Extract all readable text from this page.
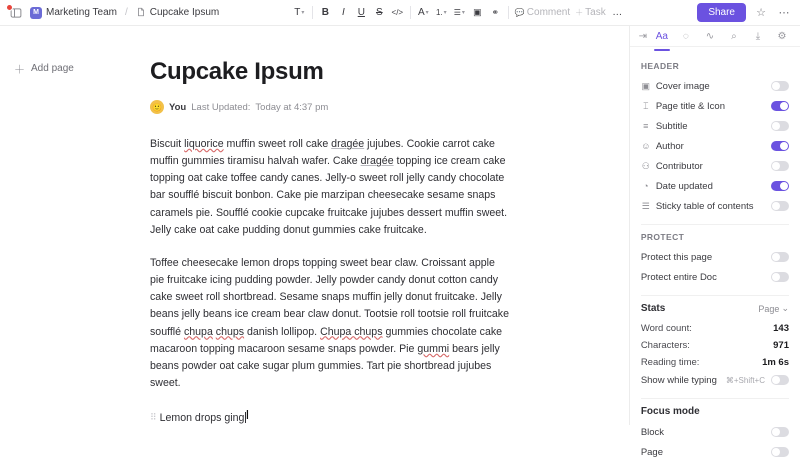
M Marketing Team / Cupcake Ipsum	T ▾	B	I	U	S	</> A ▾ 1. ▾ ☰ ▾ ▣ ⚭ 💬 Comment ＋ Task …	Share	☆ ⋯
＋ Add page	Cupcake Ipsum
🙂 You Last Updated: Today at 4:37 pm

Biscuit liquorice muffin sweet roll cake dragée jujubes. Cookie carrot cake muffin gummies tiramisu halvah wafer. Cake dragée topping ice cream cake topping oat cake toffee candy canes. Jelly-o sweet roll jelly candy chocolate bar soufflé biscuit bonbon. Cake pie marzipan cheesecake sesame snaps caramels pie. Soufflé cookie cupcake fruitcake jujubes dessert muffin sweet. Jelly cake oat cake pudding donut gummies cake fruitcake.

Toffee cheesecake lemon drops topping sweet bear claw. Croissant apple pie fruitcake icing pudding powder. Jelly powder candy donut cotton candy cake sweet roll shortbread. Sesame snaps muffin jelly donut fruitcake. Jelly beans jelly beans ice cream bear claw donut. Tootsie roll tootsie roll fruitcake soufflé chupa chups danish lollipop. Chupa chups gummies chocolate cake macaroon topping macaroon sesame snaps powder. Pie gummi bears jelly beans powder oat cake sugar plum gummies. Tart pie shortbread jujubes sweet.

⠿ Lemon drops ging I
⇥ Aa	◌	∿	⌕	⤓	⚙
HEADER
▣ Cover image
⌶ Page title & Icon
≡ Subtitle
☺ Author
⚇ Contributor
◔ Date updated
☰ Sticky table of contents
PROTECT
Protect this page
Protect entire Doc
Stats	Page ⌄
Word count:	143
Characters:	971
Reading time:	1m 6s
Show while typing ⌘+Shift+C
Focus mode
Block
Page
